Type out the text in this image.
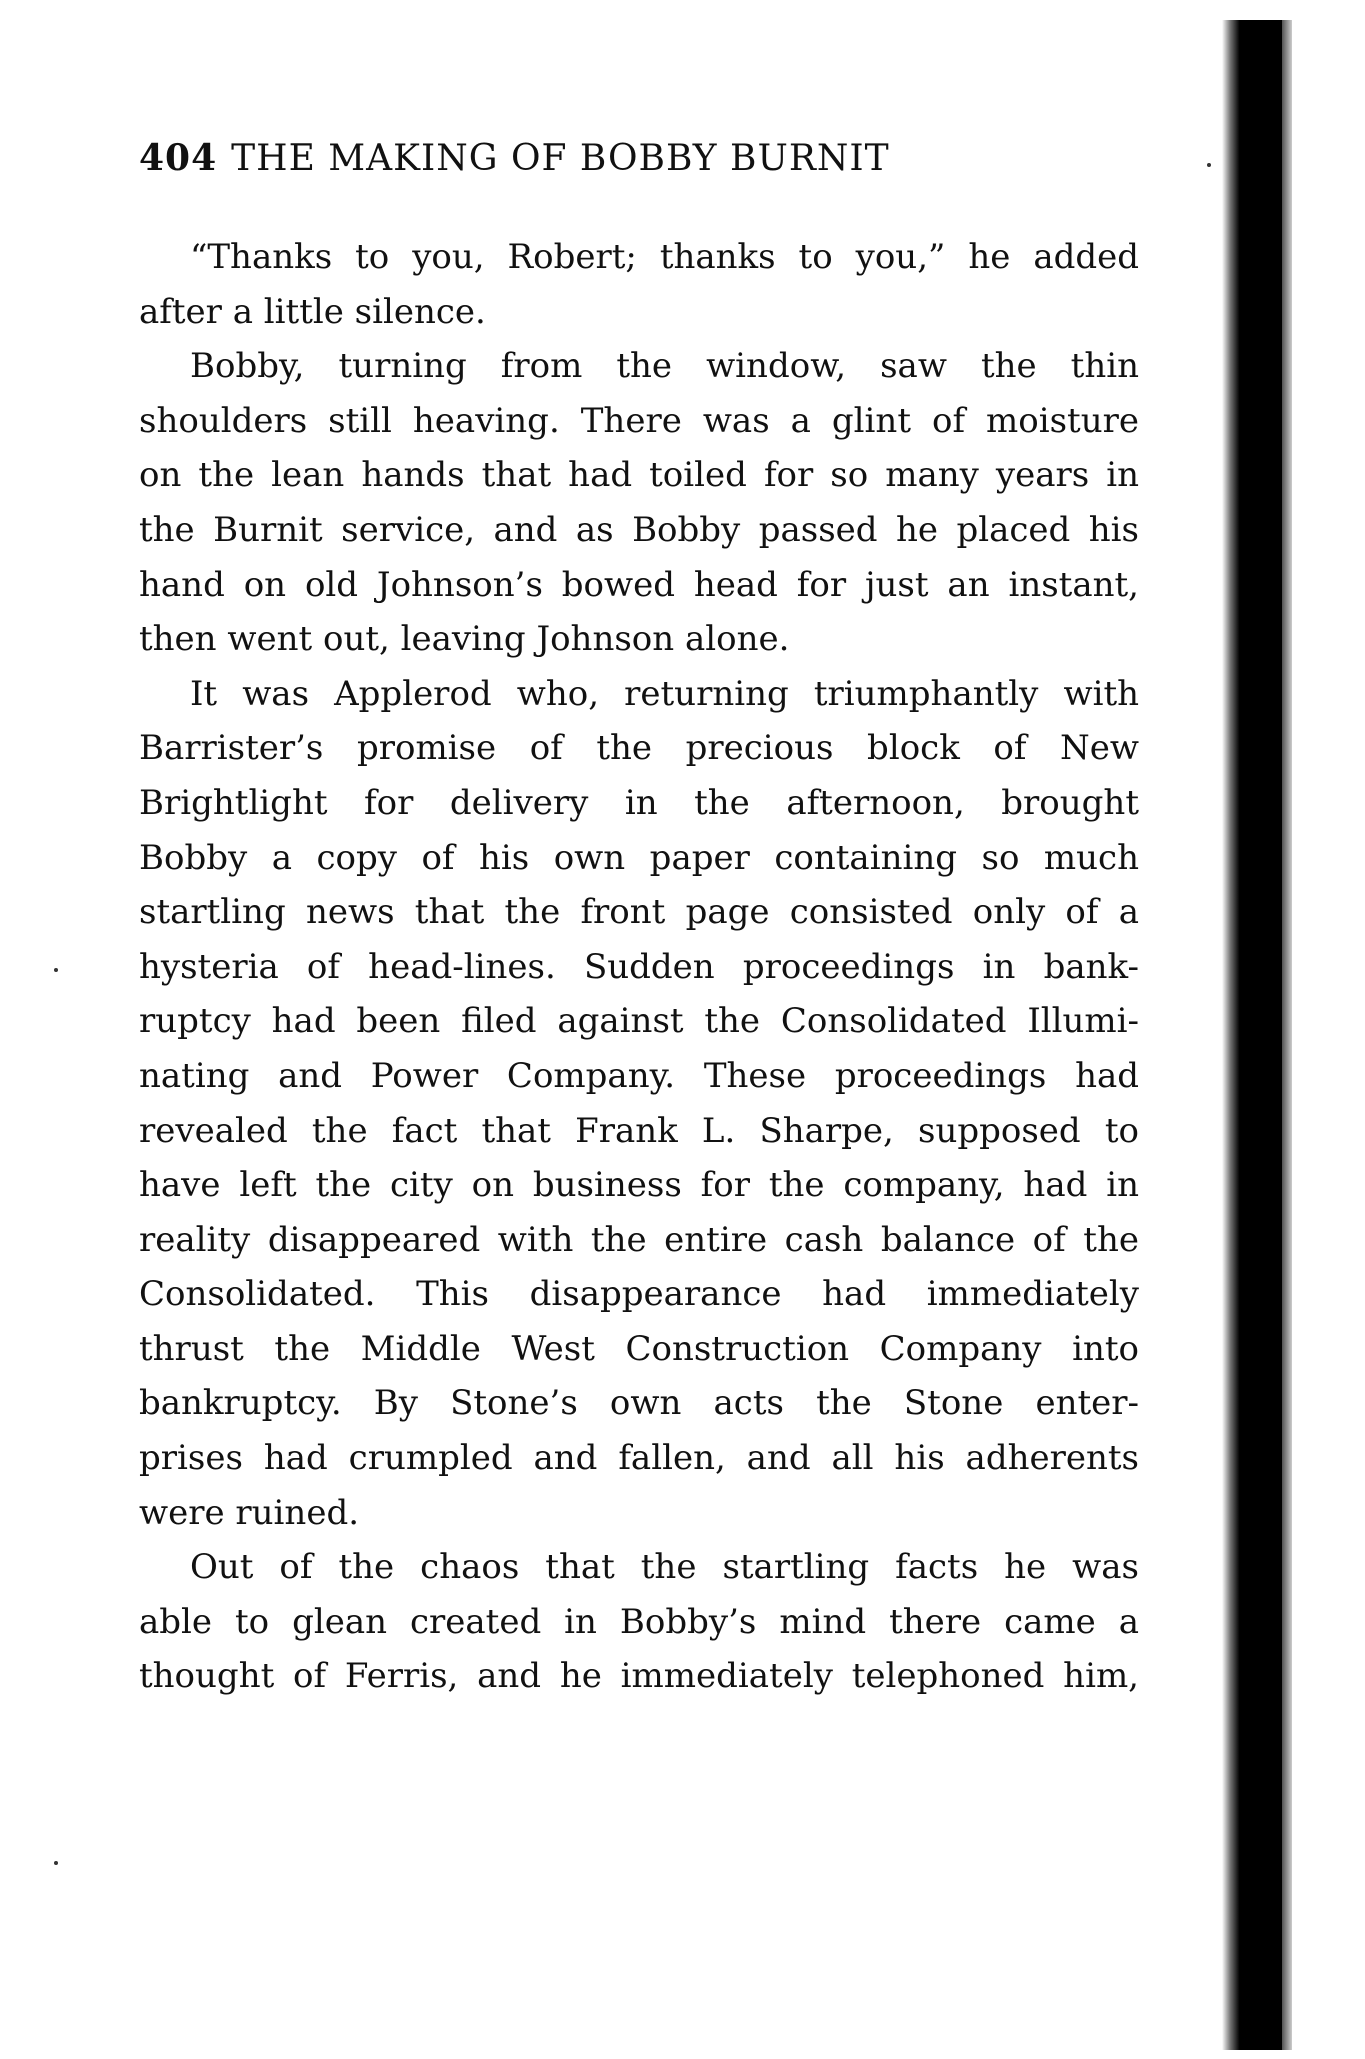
404 THE MAKING OF BOBBY BURNIT
“Thanks to you, Robert; thanks to you,” he added
after a little silence.
Bobby, turning from the window, saw the thin
shoulders still heaving. There was a glint of moisture
on the lean hands that had toiled for so many years in
the Burnit service, and as Bobby passed he placed his
hand on old Johnson’s bowed head for just an instant,
then went out, leaving Johnson alone.
It was Applerod who, returning triumphantly with
Barrister’s promise of the precious block of New
Brightlight for delivery in the afternoon, brought
Bobby a copy of his own paper containing so much
startling news that the front page consisted only of a
hysteria of head-lines. Sudden proceedings in bank-
ruptcy had been filed against the Consolidated Illumi-
nating and Power Company. These proceedings had
revealed the fact that Frank L. Sharpe, supposed to
have left the city on business for the company, had in
reality disappeared with the entire cash balance of the
Consolidated. This disappearance had immediately
thrust the Middle West Construction Company into
bankruptcy. By Stone’s own acts the Stone enter-
prises had crumpled and fallen, and all his adherents
were ruined.
Out of the chaos that the startling facts he was
able to glean created in Bobby’s mind there came a
thought of Ferris, and he immediately telephoned him,
